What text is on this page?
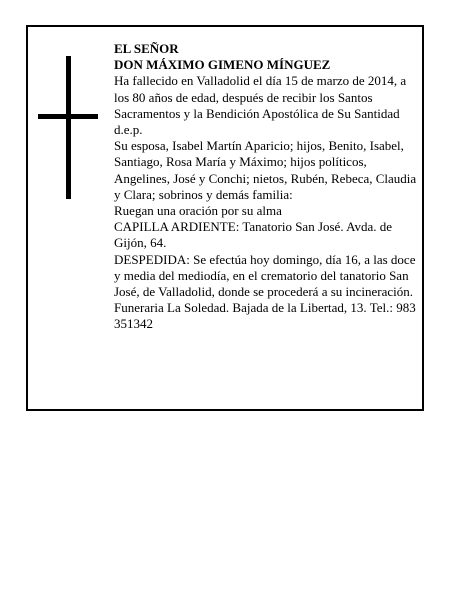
EL SEÑOR

DON MÁXIMO GIMENO MÍNGUEZ

Ha fallecido en Valladolid el día 15 de marzo de 2014, a los 80 años de edad, después de recibir los Santos Sacramentos y la Bendición Apostólica de Su Santidad d.e.p.

Su esposa, Isabel Martín Aparicio; hijos, Benito, Isabel, Santiago, Rosa María y Máximo; hijos políticos, Angelines, José y Conchi; nietos, Rubén, Rebeca, Claudia y Clara; sobrinos y demás familia:

Ruegan una oración por su alma

CAPILLA ARDIENTE: Tanatorio San José. Avda. de Gijón, 64.

DESPEDIDA: Se efectúa hoy domingo, día 16, a las doce y media del mediodía, en el crematorio del tanatorio San José, de Valladolid, donde se procederá a su incineración.

Funeraria La Soledad. Bajada de la Libertad, 13. Tel.: 983 351342
